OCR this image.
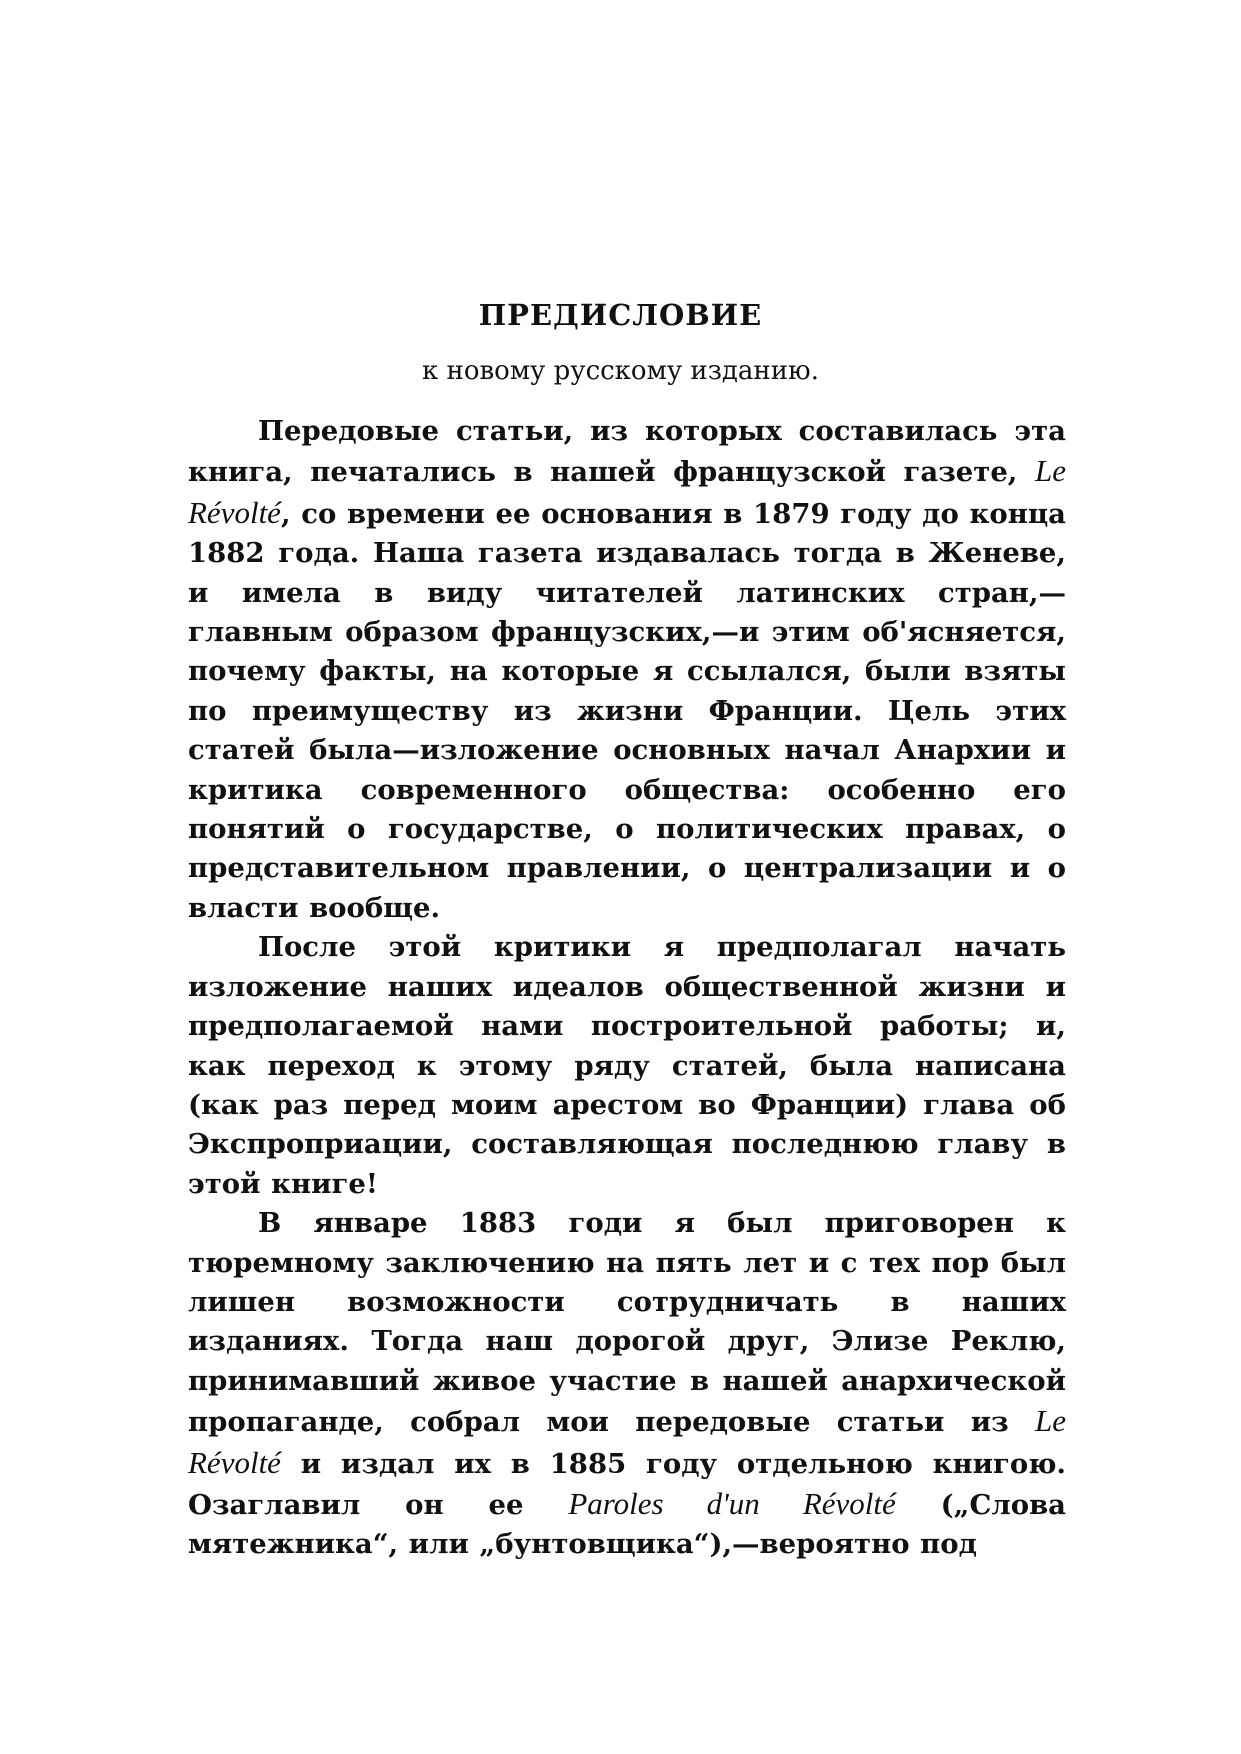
ПРЕДИСЛОВИЕ
к новому русскому изданию.

Передовые статьи, из которых составилась эта книга, печатались в нашей французской газете, Le Révolté, со времени ее основания в 1879 году до конца 1882 года. Наша газета издавалась тогда в Женеве, и имела в виду читателей латинских стран,—главным образом французских,—и этим об'ясняется, почему факты, на которые я ссылался, были взяты по преимуществу из жизни Франции. Цель этих статей была—изложение основных начал Анархии и критика современного общества: особенно его понятий о государстве, о политических правах, о представительном правлении, о централизации и о власти вообще.

После этой критики я предполагал начать изложение наших идеалов общественной жизни и предполагаемой нами построительной работы; и, как переход к этому ряду статей, была написана (как раз перед моим арестом во Франции) глава об Экспроприации, составляющая последнюю главу в этой книге!

В январе 1883 годи я был приговорен к тюремному заключению на пять лет и с тех пор был лишен возможности сотрудничать в наших изданиях. Тогда наш дорогой друг, Элизе Реклю, принимавший живое участие в нашей анархической пропаганде, собрал мои передовые статьи из Le Révolté и издал их в 1885 году отдельною книгою. Озаглавил он ее Paroles d'un Révolté („Слова мятежника“, или „бунтовщика“),—вероятно под
